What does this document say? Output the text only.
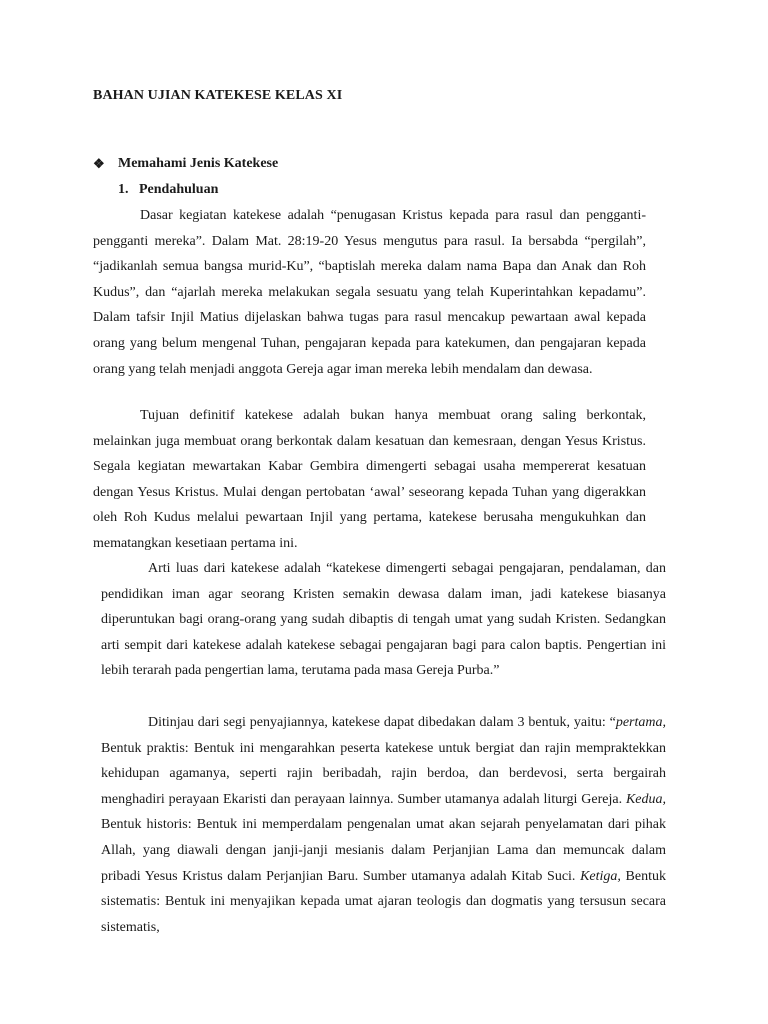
BAHAN UJIAN KATEKESE KELAS XI
❖ Memahami Jenis Katekese
1. Pendahuluan

Dasar kegiatan katekese adalah “penugasan Kristus kepada para rasul dan pengganti-pengganti mereka”. Dalam Mat. 28:19-20 Yesus mengutus para rasul. Ia bersabda “pergilah”, “jadikanlah semua bangsa murid-Ku”, “baptislah mereka dalam nama Bapa dan Anak dan Roh Kudus”, dan “ajarlah mereka melakukan segala sesuatu yang telah Kuperintahkan kepadamu”. Dalam tafsir Injil Matius dijelaskan bahwa tugas para rasul mencakup pewartaan awal kepada orang yang belum mengenal Tuhan, pengajaran kepada para katekumen, dan pengajaran kepada orang yang telah menjadi anggota Gereja agar iman mereka lebih mendalam dan dewasa.

Tujuan definitif katekese adalah bukan hanya membuat orang saling berkontak, melainkan juga membuat orang berkontak dalam kesatuan dan kemesraan, dengan Yesus Kristus. Segala kegiatan mewartakan Kabar Gembira dimengerti sebagai usaha mempererat kesatuan dengan Yesus Kristus. Mulai dengan pertobatan ‘awal’ seseorang kepada Tuhan yang digerakkan oleh Roh Kudus melalui pewartaan Injil yang pertama, katekese berusaha mengukuhkan dan mematangkan kesetiaan pertama ini.

Arti luas dari katekese adalah “katekese dimengerti sebagai pengajaran, pendalaman, dan pendidikan iman agar seorang Kristen semakin dewasa dalam iman, jadi katekese biasanya diperuntukan bagi orang-orang yang sudah dibaptis di tengah umat yang sudah Kristen. Sedangkan arti sempit dari katekese adalah katekese sebagai pengajaran bagi para calon baptis. Pengertian ini lebih terarah pada pengertian lama, terutama pada masa Gereja Purba.”

Ditinjau dari segi penyajiannya, katekese dapat dibedakan dalam 3 bentuk, yaitu: “pertama, Bentuk praktis: Bentuk ini mengarahkan peserta katekese untuk bergiat dan rajin mempraktekkan kehidupan agamanya, seperti rajin beribadah, rajin berdoa, dan berdevosi, serta bergairah menghadiri perayaan Ekaristi dan perayaan lainnya. Sumber utamanya adalah liturgi Gereja. Kedua, Bentuk historis: Bentuk ini memperdalam pengenalan umat akan sejarah penyelamatan dari pihak Allah, yang diawali dengan janji-janji mesianis dalam Perjanjian Lama dan memuncak dalam pribadi Yesus Kristus dalam Perjanjian Baru. Sumber utamanya adalah Kitab Suci. Ketiga, Bentuk sistematis: Bentuk ini menyajikan kepada umat ajaran teologis dan dogmatis yang tersusun secara sistematis,
